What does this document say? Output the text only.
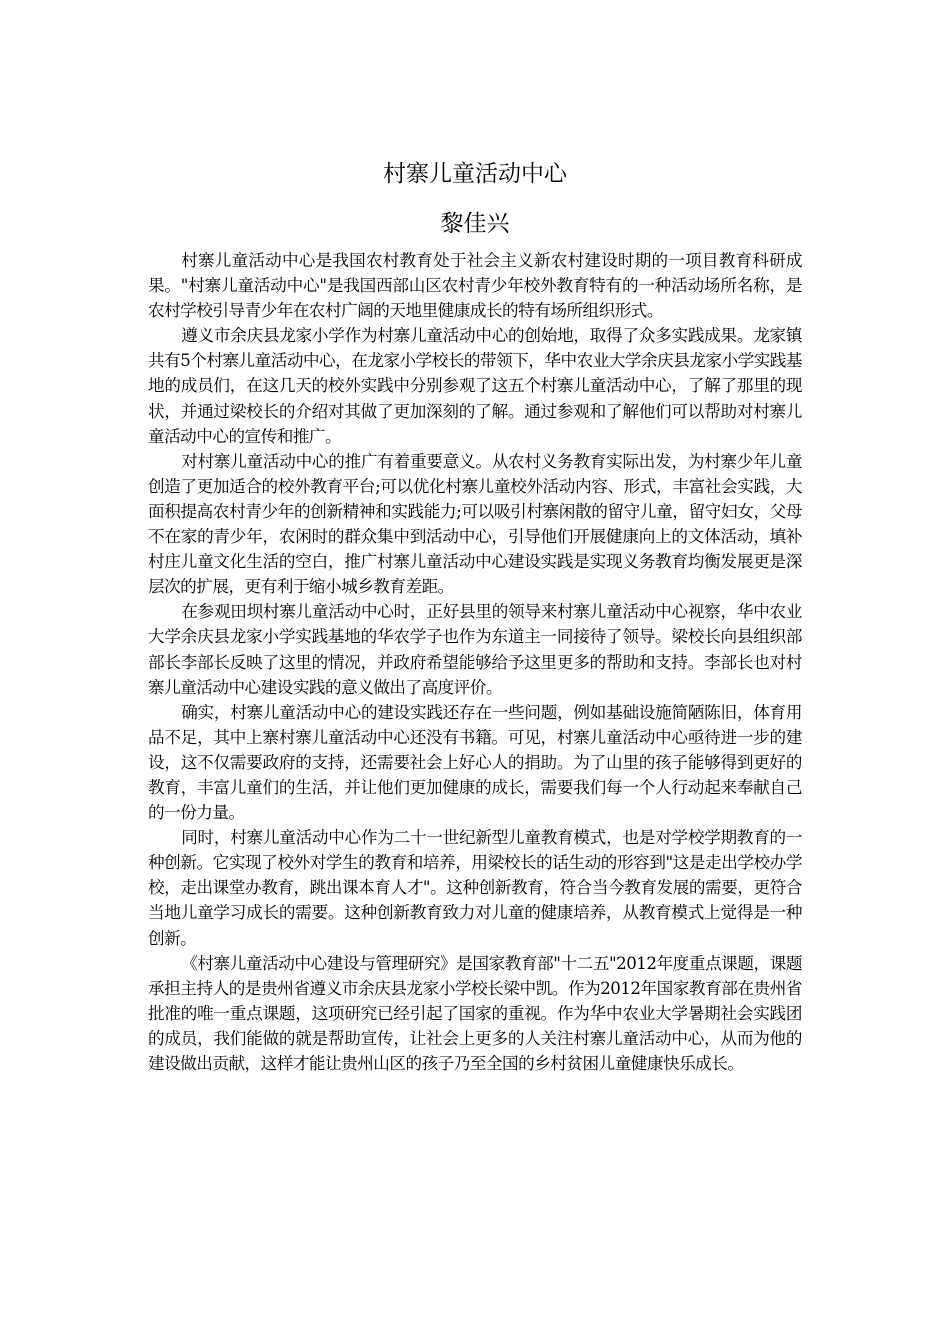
村寨儿童活动中心
黎佳兴

村寨儿童活动中心是我国农村教育处于社会主义新农村建设时期的一项目教育科研成果。"村寨儿童活动中心"是我国西部山区农村青少年校外教育特有的一种活动场所名称，是农村学校引导青少年在农村广阔的天地里健康成长的特有场所组织形式。

遵义市余庆县龙家小学作为村寨儿童活动中心的创始地，取得了众多实践成果。龙家镇共有5个村寨儿童活动中心，在龙家小学校长的带领下，华中农业大学余庆县龙家小学实践基地的成员们，在这几天的校外实践中分别参观了这五个村寨儿童活动中心，了解了那里的现状，并通过梁校长的介绍对其做了更加深刻的了解。通过参观和了解他们可以帮助对村寨儿童活动中心的宣传和推广。

对村寨儿童活动中心的推广有着重要意义。从农村义务教育实际出发，为村寨少年儿童创造了更加适合的校外教育平台;可以优化村寨儿童校外活动内容、形式，丰富社会实践，大面积提高农村青少年的创新精神和实践能力;可以吸引村寨闲散的留守儿童，留守妇女，父母不在家的青少年，农闲时的群众集中到活动中心，引导他们开展健康向上的文体活动，填补村庄儿童文化生活的空白，推广村寨儿童活动中心建设实践是实现义务教育均衡发展更是深层次的扩展，更有利于缩小城乡教育差距。

在参观田坝村寨儿童活动中心时，正好县里的领导来村寨儿童活动中心视察，华中农业大学余庆县龙家小学实践基地的华农学子也作为东道主一同接待了领导。梁校长向县组织部部长李部长反映了这里的情况，并政府希望能够给予这里更多的帮助和支持。李部长也对村寨儿童活动中心建设实践的意义做出了高度评价。

确实，村寨儿童活动中心的建设实践还存在一些问题，例如基础设施简陋陈旧，体育用品不足，其中上寨村寨儿童活动中心还没有书籍。可见，村寨儿童活动中心亟待进一步的建设，这不仅需要政府的支持，还需要社会上好心人的捐助。为了山里的孩子能够得到更好的教育，丰富儿童们的生活，并让他们更加健康的成长，需要我们每一个人行动起来奉献自己的一份力量。

同时，村寨儿童活动中心作为二十一世纪新型儿童教育模式，也是对学校学期教育的一种创新。它实现了校外对学生的教育和培养，用梁校长的话生动的形容到"这是走出学校办学校，走出课堂办教育，跳出课本育人才"。这种创新教育，符合当今教育发展的需要，更符合当地儿童学习成长的需要。这种创新教育致力对儿童的健康培养，从教育模式上觉得是一种创新。

《村寨儿童活动中心建设与管理研究》是国家教育部"十二五"2012年度重点课题，课题承担主持人的是贵州省遵义市余庆县龙家小学校长梁中凯。作为2012年国家教育部在贵州省批准的唯一重点课题，这项研究已经引起了国家的重视。作为华中农业大学暑期社会实践团的成员，我们能做的就是帮助宣传，让社会上更多的人关注村寨儿童活动中心，从而为他的建设做出贡献，这样才能让贵州山区的孩子乃至全国的乡村贫困儿童健康快乐成长。
